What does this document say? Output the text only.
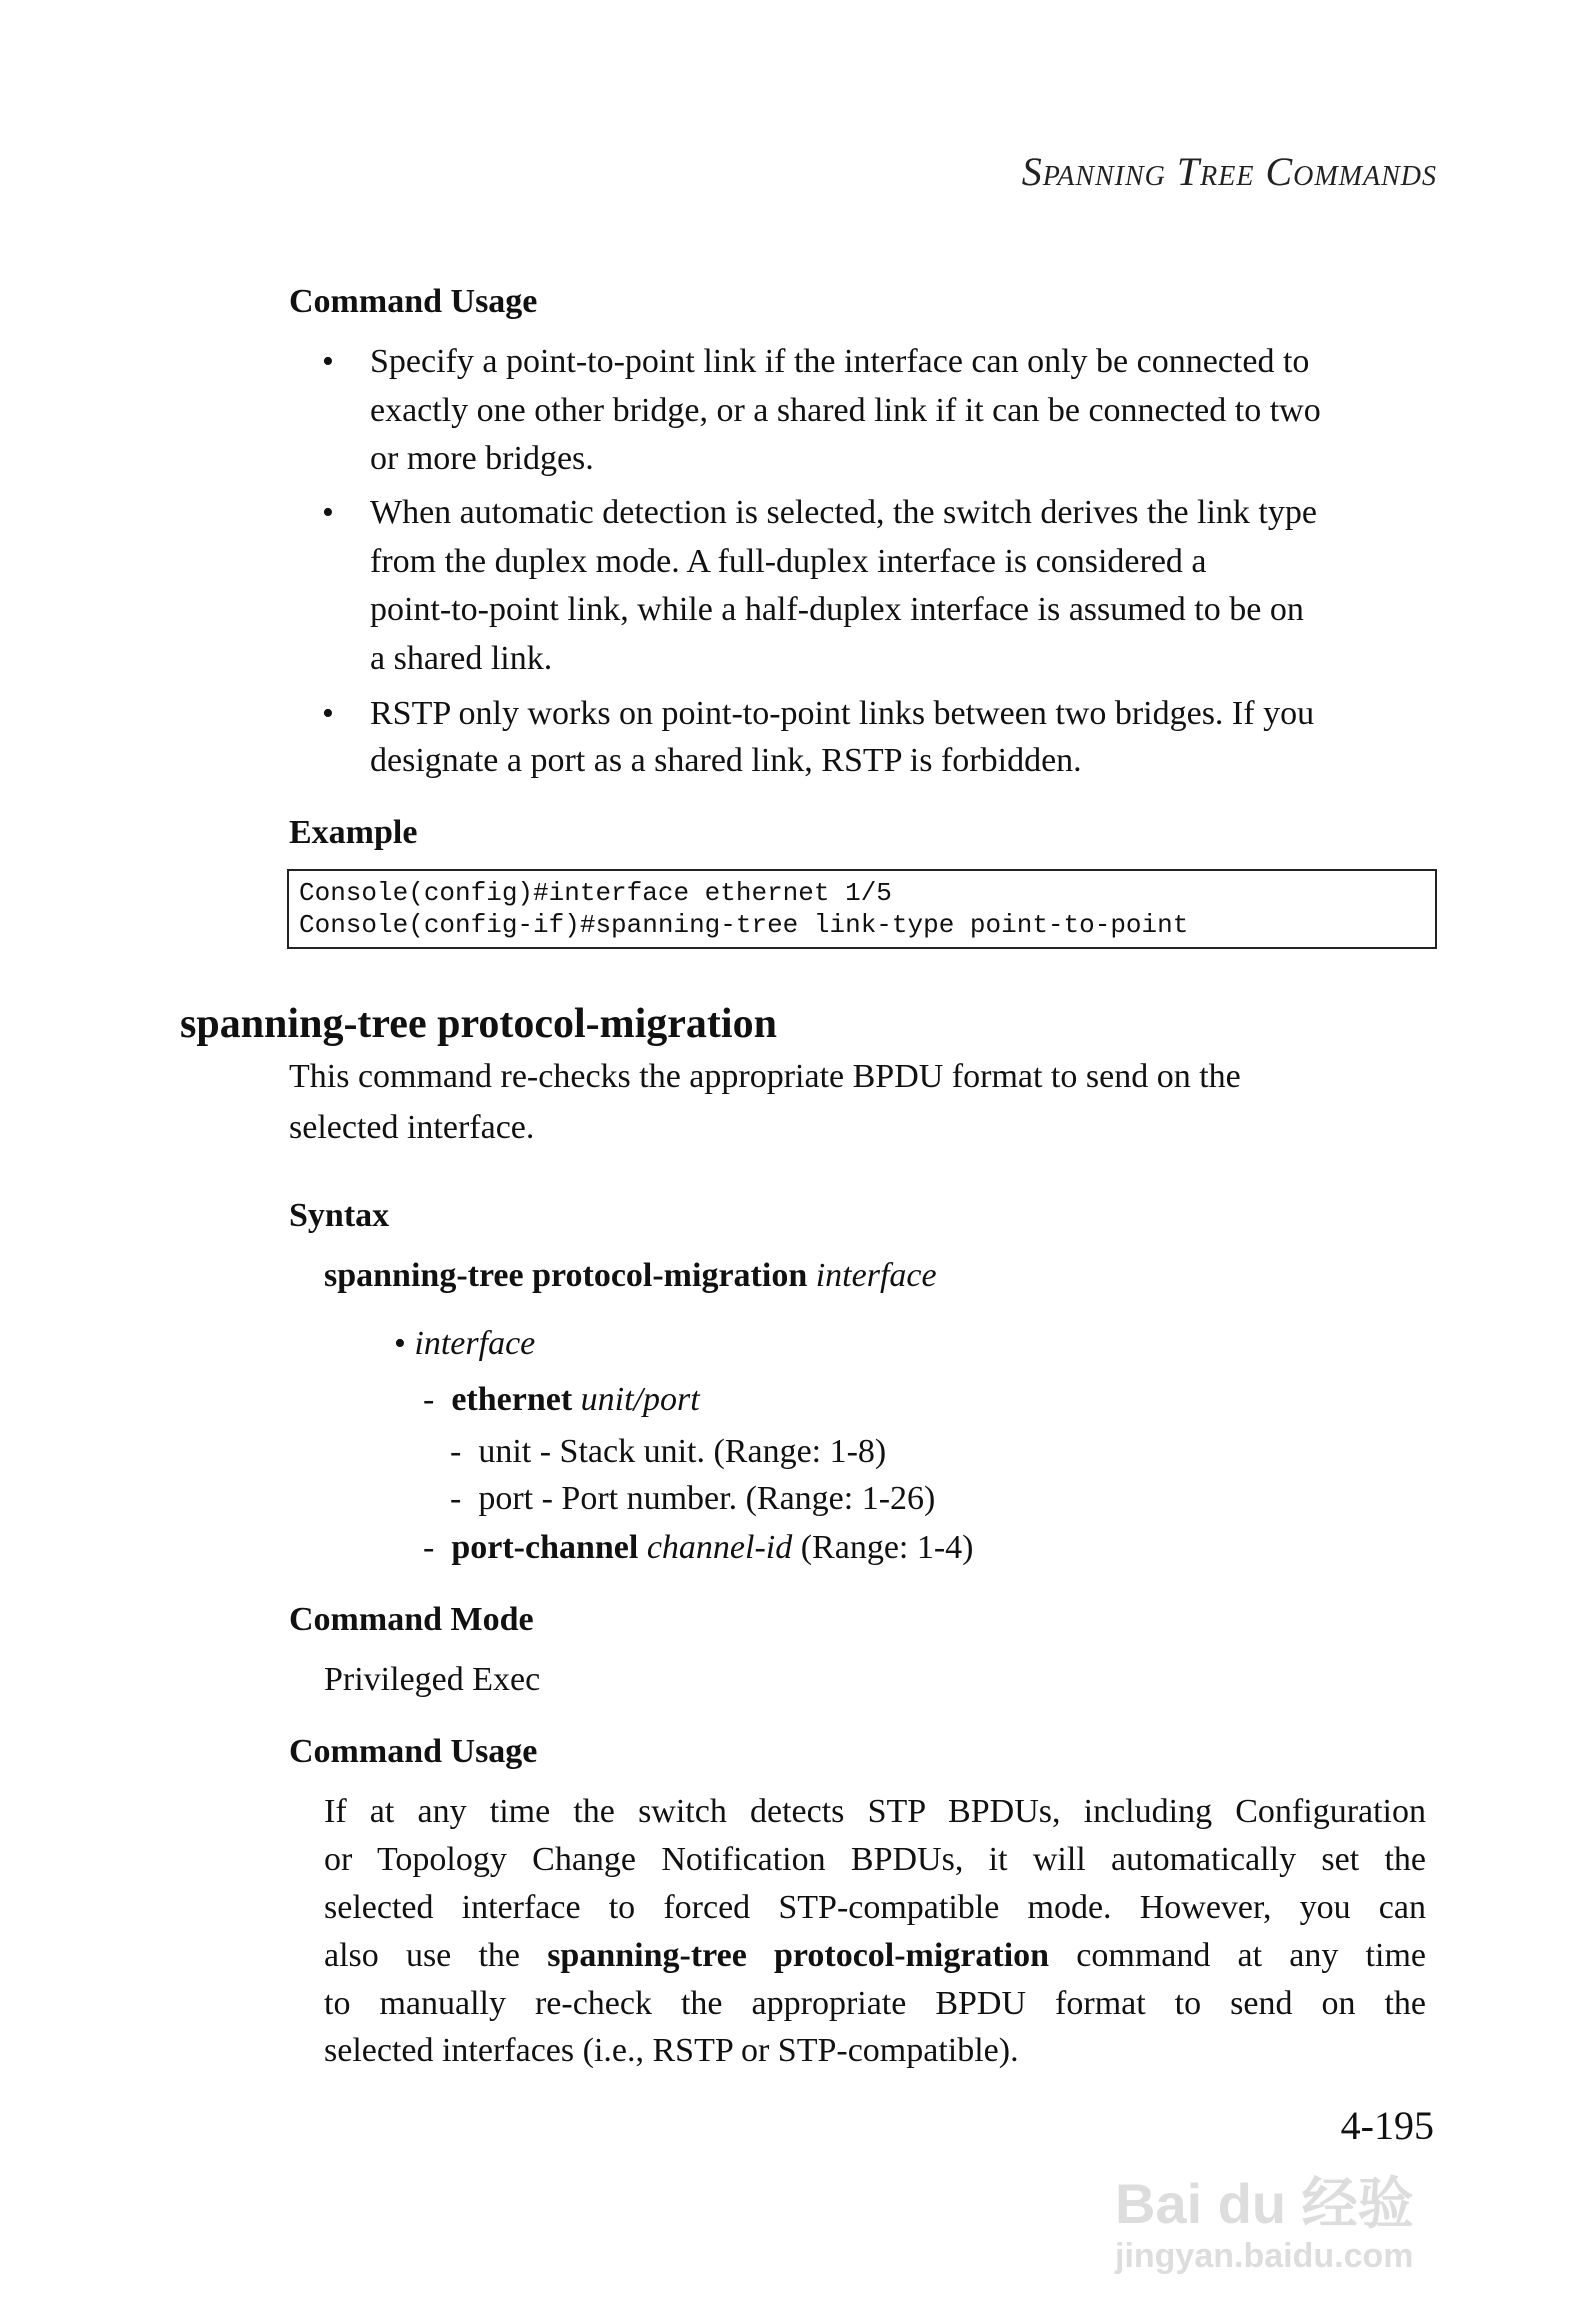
Spanning Tree Commands
Command Usage
• Specify a point-to-point link if the interface can only be connected to
exactly one other bridge, or a shared link if it can be connected to two
or more bridges.
• When automatic detection is selected, the switch derives the link type
from the duplex mode. A full-duplex interface is considered a
point-to-point link, while a half-duplex interface is assumed to be on
a shared link.
• RSTP only works on point-to-point links between two bridges. If you
designate a port as a shared link, RSTP is forbidden.
Example
Console(config)#interface ethernet 1/5
Console(config-if)#spanning-tree link-type point-to-point
spanning-tree protocol-migration
This command re-checks the appropriate BPDU format to send on the
selected interface.
Syntax
spanning-tree protocol-migration interface
• interface
-  ethernet unit/port
-  unit - Stack unit. (Range: 1-8)
-  port - Port number. (Range: 1-26)
-  port-channel channel-id (Range: 1-4)
Command Mode
Privileged Exec
Command Usage
If at any time the switch detects STP BPDUs, including Configuration
or Topology Change Notification BPDUs, it will automatically set the
selected interface to forced STP-compatible mode. However, you can
also use the spanning-tree protocol-migration command at any time
to manually re-check the appropriate BPDU format to send on the
selected interfaces (i.e., RSTP or STP-compatible).
4-195
Bai du 经验
jingyan.baidu.com
